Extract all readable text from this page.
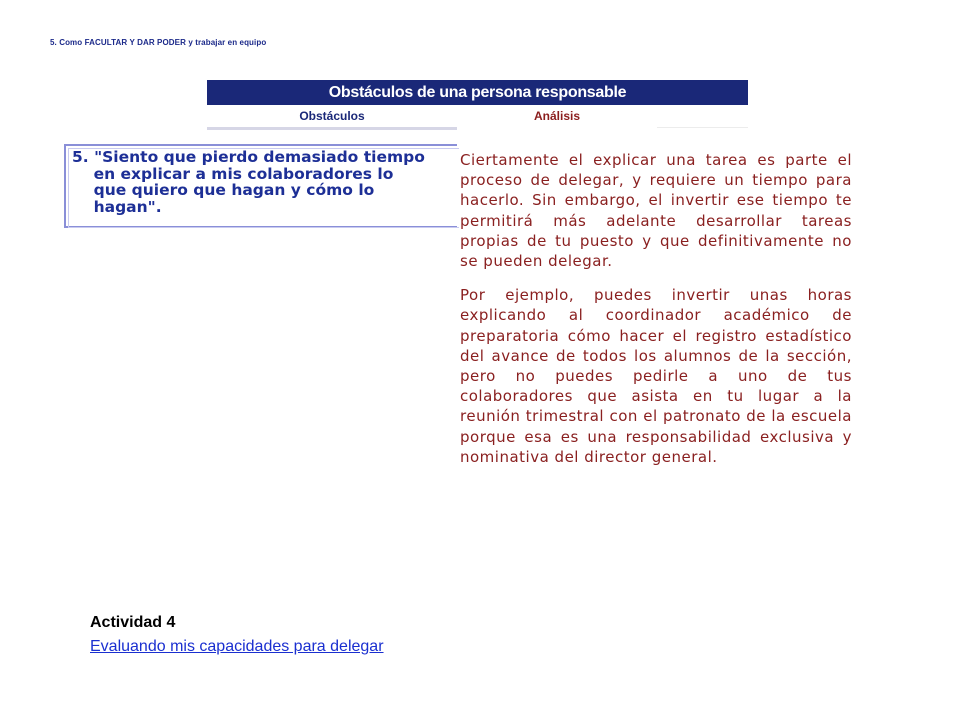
5. Como FACULTAR Y DAR PODER y trabajar en equipo
Obstáculos de una persona responsable
Obstáculos	Análisis
5. "Siento que pierdo demasiado tiempo
en explicar a mis colaboradores lo
que quiero que hagan y cómo lo
hagan".

Ciertamente el explicar una tarea es parte el proceso de delegar, y requiere un tiempo para hacerlo. Sin embargo, el invertir ese tiempo te permitirá más adelante desarrollar tareas propias de tu puesto y que definitivamente no se pueden delegar.

Por ejemplo, puedes invertir unas horas explicando al coordinador académico de preparatoria cómo hacer el registro estadístico del avance de todos los alumnos de la sección, pero no puedes pedirle a uno de tus colaboradores que asista en tu lugar a la reunión trimestral con el patronato de la escuela porque esa es una responsabilidad exclusiva y nominativa del director general.

Actividad 4
Evaluando mis capacidades para delegar
